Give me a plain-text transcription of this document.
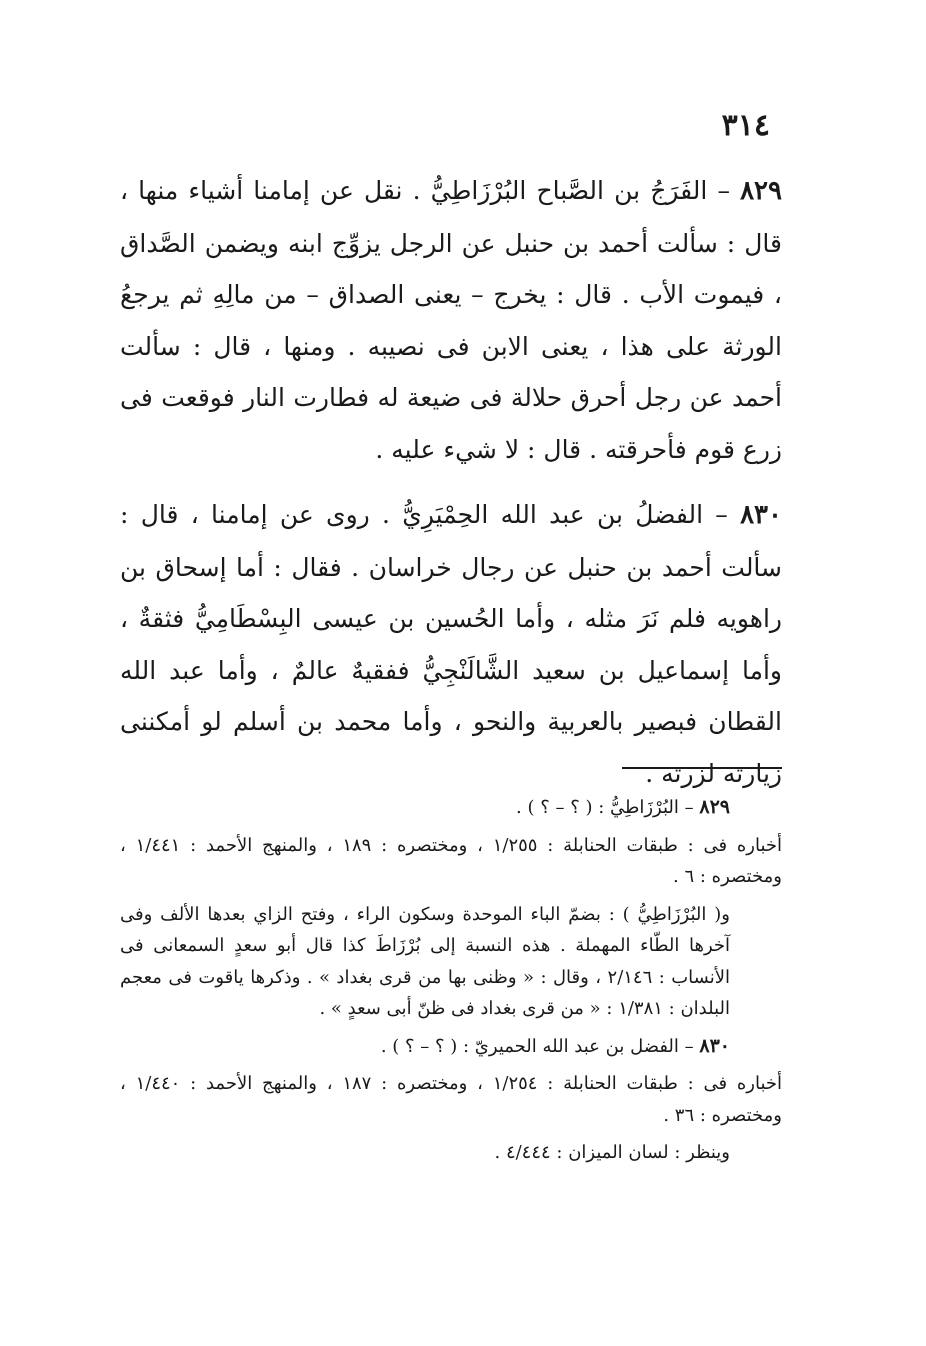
٣١٤

٨٢٩ – الفَرَجُ بن الصَّباح البُرْزَاطِيُّ . نقل عن إمامنا أشياء منها ، قال : سألت أحمد بن حنبل عن الرجل يزوِّج ابنه ويضمن الصَّداق ، فيموت الأب . قال : يخرج – يعنى الصداق – من مالِهِ ثم يرجعُ الورثة على هذا ، يعنى الابن فى نصيبه . ومنها ، قال : سألت أحمد عن رجل أحرق حلالة فى ضيعة له فطارت النار فوقعت فى زرع قوم فأحرقته . قال : لا شيء عليه .

٨٣٠ – الفضلُ بن عبد الله الحِمْيَرِيُّ . روى عن إمامنا ، قال : سألت أحمد بن حنبل عن رجال خراسان . فقال : أما إسحاق بن راهويه فلم نَرَ مثله ، وأما الحُسين بن عيسى البِسْطَامِيُّ فثقةٌ ، وأما إسماعيل بن سعيد الشَّالَنْجِيُّ ففقيهٌ عالمٌ ، وأما عبد الله القطان فبصير بالعربية والنحو ، وأما محمد بن أسلم لو أمكننى زيارته لزرته .

٨٢٩ – البُرْزَاطِيُّ : ( ؟ – ؟ ) .

أخباره فى : طبقات الحنابلة : ١/٢٥٥ ، ومختصره : ١٨٩ ، والمنهج الأحمد : ١/٤٤١ ، ومختصره : ٦ .

و( البُرْزَاطِيُّ ) : بضمّ الباء الموحدة وسكون الراء ، وفتح الزاي بعدها الألف وفى آخرها الطّاء المهملة . هذه النسبة إلى بُرْزَاطَ كذا قال أبو سعدٍ السمعانى فى الأنساب : ٢/١٤٦ ، وقال : « وظنى بها من قرى بغداد » . وذكرها ياقوت فى معجم البلدان : ١/٣٨١ : « من قرى بغداد فى ظنّ أبى سعدٍ » .

٨٣٠ – الفضل بن عبد الله الحميريّ : ( ؟ – ؟ ) .

أخباره فى : طبقات الحنابلة : ١/٢٥٤ ، ومختصره : ١٨٧ ، والمنهج الأحمد : ١/٤٤٠ ، ومختصره : ٣٦ .

وينظر : لسان الميزان : ٤/٤٤٤ .
